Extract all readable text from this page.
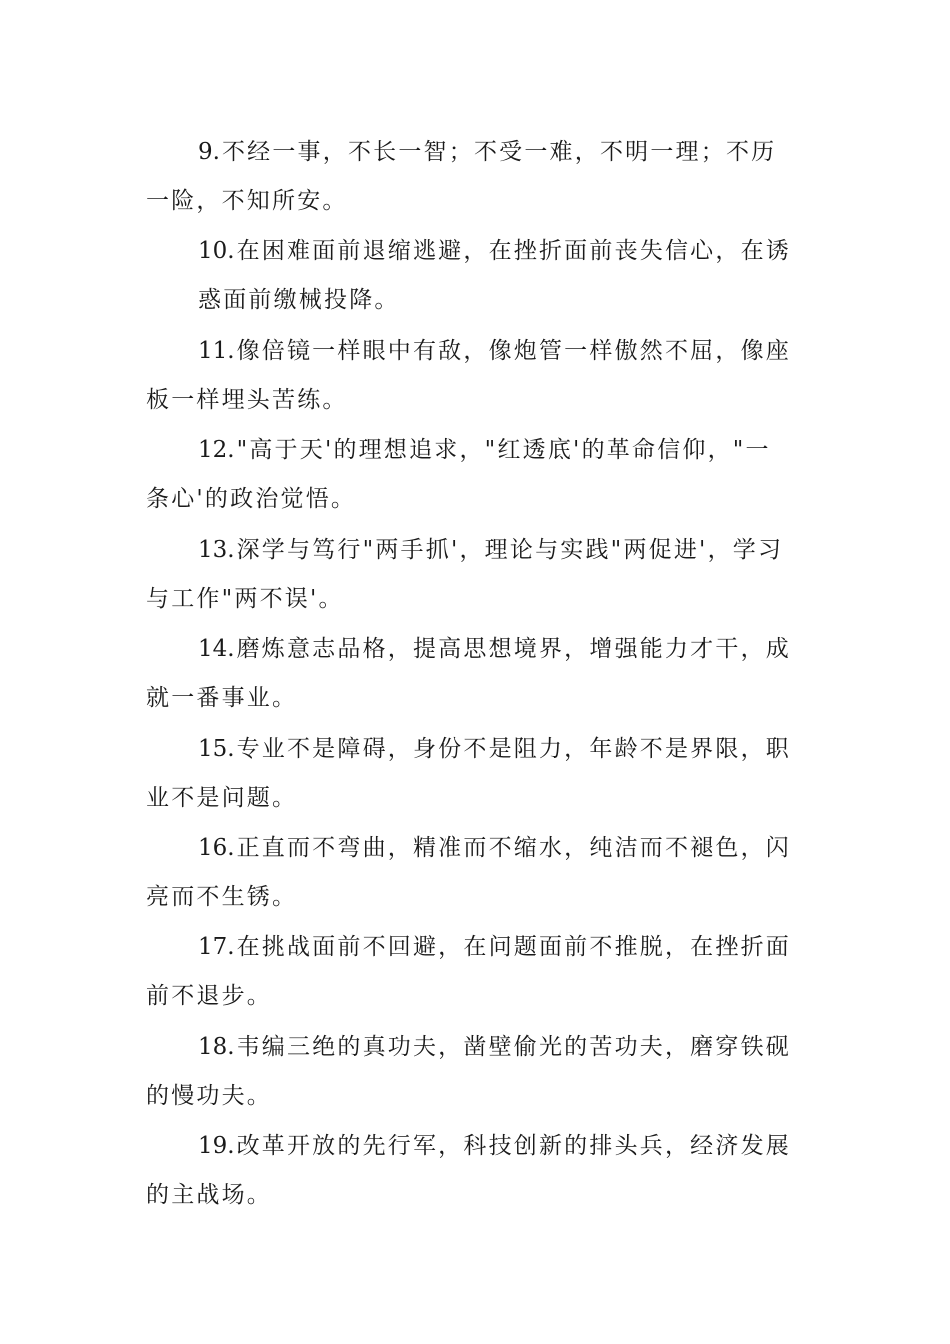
9.不经一事，不长一智；不受一难，不明一理；不历
一险，不知所安。
10.在困难面前退缩逃避，在挫折面前丧失信心，在诱
惑面前缴械投降。
11.像倍镜一样眼中有敌，像炮管一样傲然不屈，像座
板一样埋头苦练。
12."高于天'的理想追求，"红透底'的革命信仰，"一
条心'的政治觉悟。
13.深学与笃行"两手抓'，理论与实践"两促进'，学习
与工作"两不误'。
14.磨炼意志品格，提高思想境界，增强能力才干，成
就一番事业。
15.专业不是障碍，身份不是阻力，年龄不是界限，职
业不是问题。
16.正直而不弯曲，精准而不缩水，纯洁而不褪色，闪
亮而不生锈。
17.在挑战面前不回避，在问题面前不推脱，在挫折面
前不退步。
18.韦编三绝的真功夫，凿壁偷光的苦功夫，磨穿铁砚
的慢功夫。
19.改革开放的先行军，科技创新的排头兵，经济发展
的主战场。
